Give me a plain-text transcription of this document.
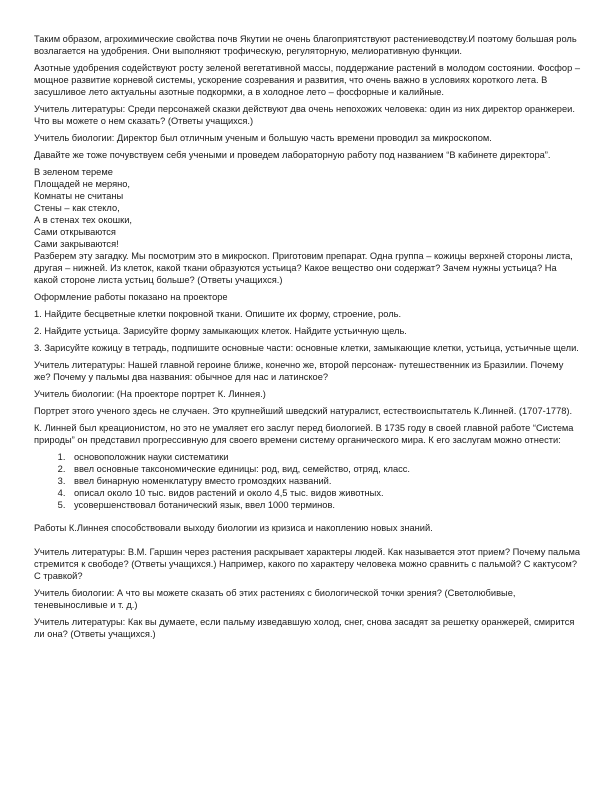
Таким образом, агрохимические свойства почв Якутии не очень благоприятствуют растениеводству.И поэтому большая роль возлагается на удобрения. Они выполняют трофическую, регуляторную, мелиоративную функции.

Азотные удобрения содействуют росту зеленой вегетативной массы, поддержание растений в молодом состоянии. Фосфор – мощное развитие корневой системы, ускорение созревания и развития, что очень важно в условиях короткого лета. В засушливое лето актуальны азотные подкормки, а в холодное лето – фосфорные и калийные.

Учитель литературы: Среди персонажей сказки действуют два очень непохожих человека: один из них директор оранжереи. Что вы можете о нем сказать? (Ответы учащихся.)

Учитель биологии: Директор был отличным ученым и большую часть времени проводил за микроскопом.

Давайте же тоже почувствуем себя учеными и проведем лабораторную работу под названием “В кабинете директора”.

В зеленом тереме
Площадей не меряно,
Комнаты не считаны
Стены – как стекло,
А в стенах тех окошки,
Сами открываются
Сами закрываются!

Разберем эту загадку. Мы посмотрим это в микроскоп. Приготовим препарат. Одна группа – кожицы верхней стороны листа, другая – нижней. Из клеток, какой ткани образуются устьица? Какое вещество они содержат? Зачем нужны устьица? На какой стороне листа устьиц больше? (Ответы учащихся.)

Оформление работы показано на проекторе

1. Найдите бесцветные клетки покровной ткани. Опишите их форму, строение, роль.

2. Найдите устьица. Зарисуйте форму замыкающих клеток. Найдите устьичную щель.

3. Зарисуйте кожицу в тетрадь, подпишите основные части: основные клетки, замыкающие клетки, устьица, устьичные щели.

Учитель литературы: Нашей главной героине ближе, конечно же, второй персонаж- путешественник из Бразилии. Почему же? Почему у пальмы два названия: обычное для нас и латинское?

Учитель биологии: (На проекторе портрет К. Линнея.)

Портрет этого ученого здесь не случаен. Это крупнейший шведский натуралист, естествоиспытатель К.Линней. (1707-1778).

К. Линней был креационистом, но это не умаляет его заслуг перед биологией. В 1735 году в своей главной работе “Система природы” он представил прогрессивную для своего времени систему органического мира. К его заслугам можно отнести:

1. основоположник науки систематики
2. ввел основные таксономические единицы: род, вид, семейство, отряд, класс.
3. ввел бинарную номенклатуру вместо громоздких названий.
4. описал около 10 тыс. видов растений и около 4,5 тыс. видов животных.
5. усовершенствовал ботанический язык, ввел 1000 терминов.

Работы К.Линнея способствовали выходу биологии из кризиса и накоплению новых знаний.

Учитель литературы: В.М. Гаршин через растения раскрывает характеры людей. Как называется этот прием? Почему пальма стремится к свободе? (Ответы учащихся.) Например, какого по характеру человека можно сравнить с пальмой? С кактусом? С травкой?

Учитель биологии: А что вы можете сказать об этих растениях с биологической точки зрения? (Светолюбивые, теневыносливые и т. д.)

Учитель литературы: Как вы думаете, если пальму изведавшую холод, снег, снова засадят за решетку оранжерей, смирится ли она? (Ответы учащихся.)
